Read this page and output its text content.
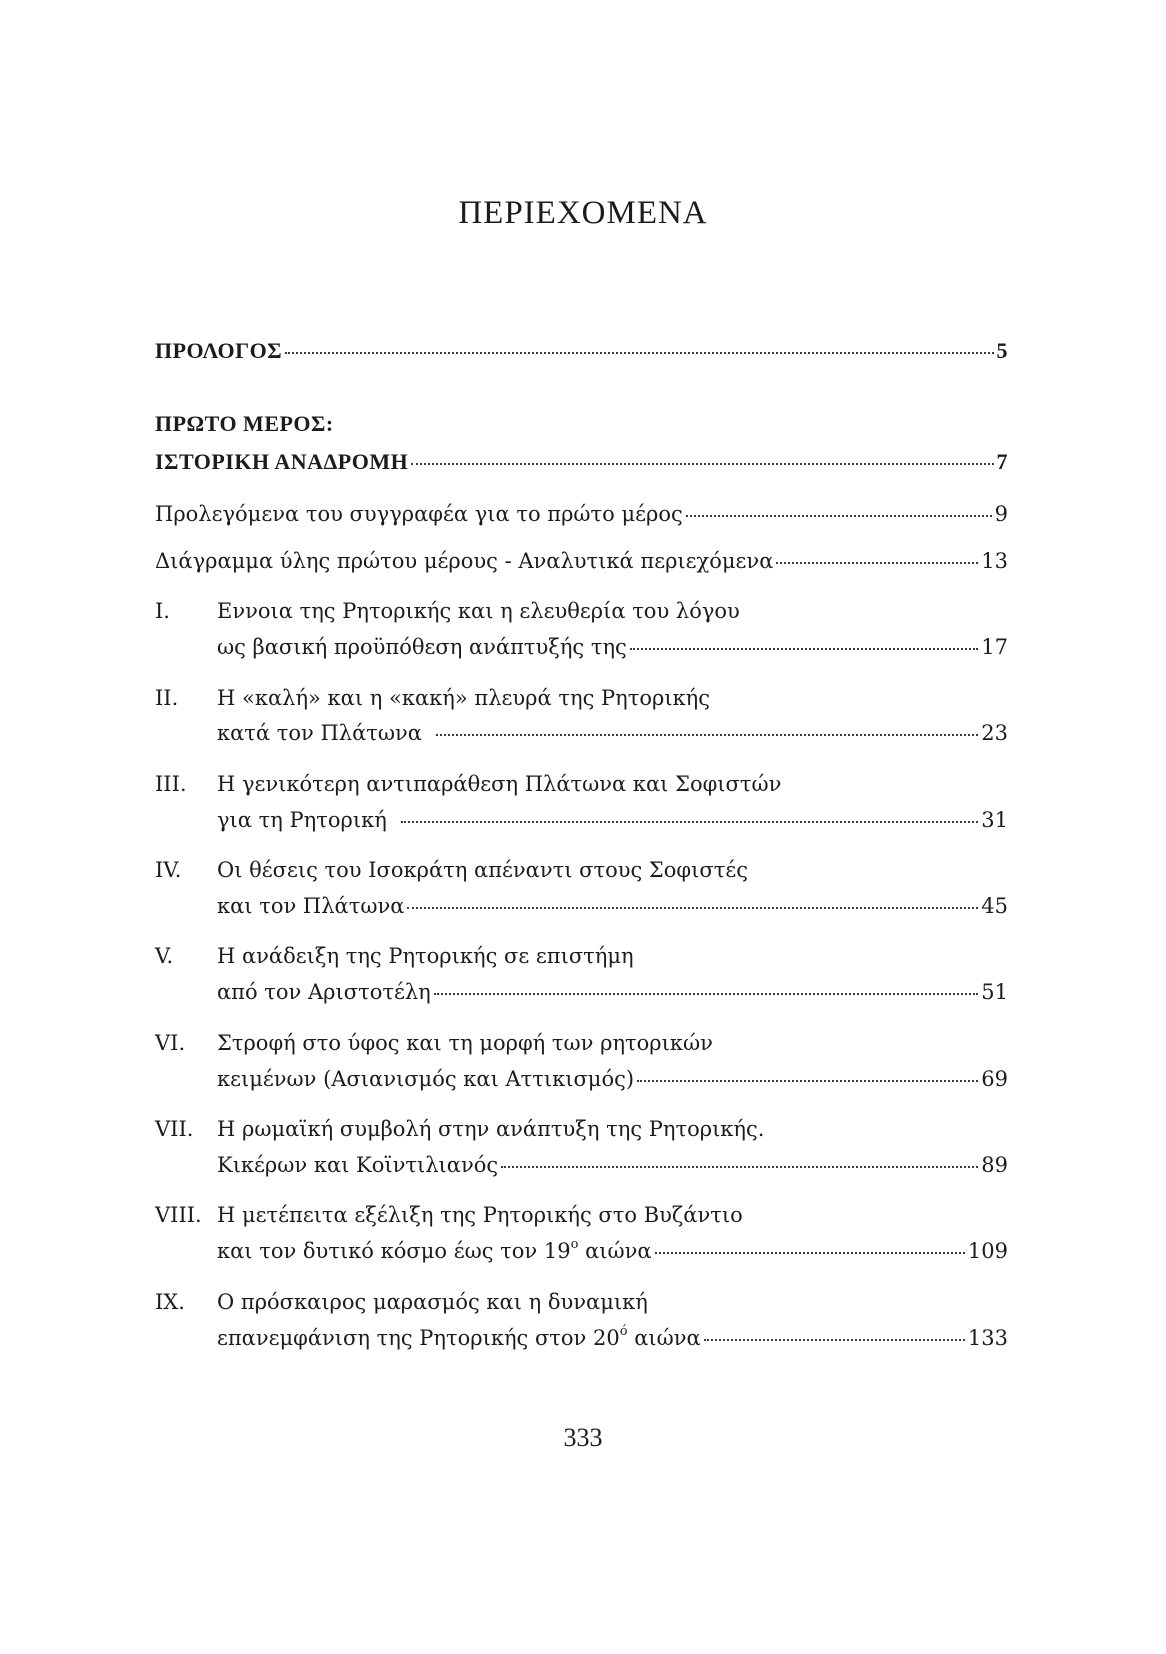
ΠΕΡΙΕΧΟΜΕΝΑ
ΠΡΟΛΟΓΟΣ	5
ΠΡΩΤΟ ΜΕΡΟΣ:
ΙΣΤΟΡΙΚΗ ΑΝΑΔΡΟΜΗ	7
Προλεγόμενα του συγγραφέα για το πρώτο μέρος	9
Διάγραμμα ύλης πρώτου μέρους - Αναλυτικά περιεχόμενα	13
I.	Εννοια της Ρητορικής και η ελευθερία του λόγου
ως βασική προϋπόθεση ανάπτυξής της	17
II.	Η «καλή» και η «κακή» πλευρά της Ρητορικής
κατά τον Πλάτωνα	23
III.	Η γενικότερη αντιπαράθεση Πλάτωνα και Σοφιστών
για τη Ρητορική	31
IV.	Οι θέσεις του Ισοκράτη απέναντι στους Σοφιστές
και τον Πλάτωνα	45
V.	Η ανάδειξη της Ρητορικής σε επιστήμη
από τον Αριστοτέλη	51
VI.	Στροφή στο ύφος και τη μορφή των ρητορικών
κειμένων (Ασιανισμός και Αττικισμός)	69
VII.	Η ρωμαϊκή συμβολή στην ανάπτυξη της Ρητορικής.
Κικέρων και Κοϊντιλιανός	89
VIII. Η μετέπειτα εξέλιξη της Ρητορικής στο Βυζάντιο
και τον δυτικό κόσμο έως τον $19^o$ αιώνα	109
IX.	Ο πρόσκαιρος μαρασμός και η δυναμική
επανεμφάνιση της Ρητορικής στον $20^ό$ αιώνα	133
333
